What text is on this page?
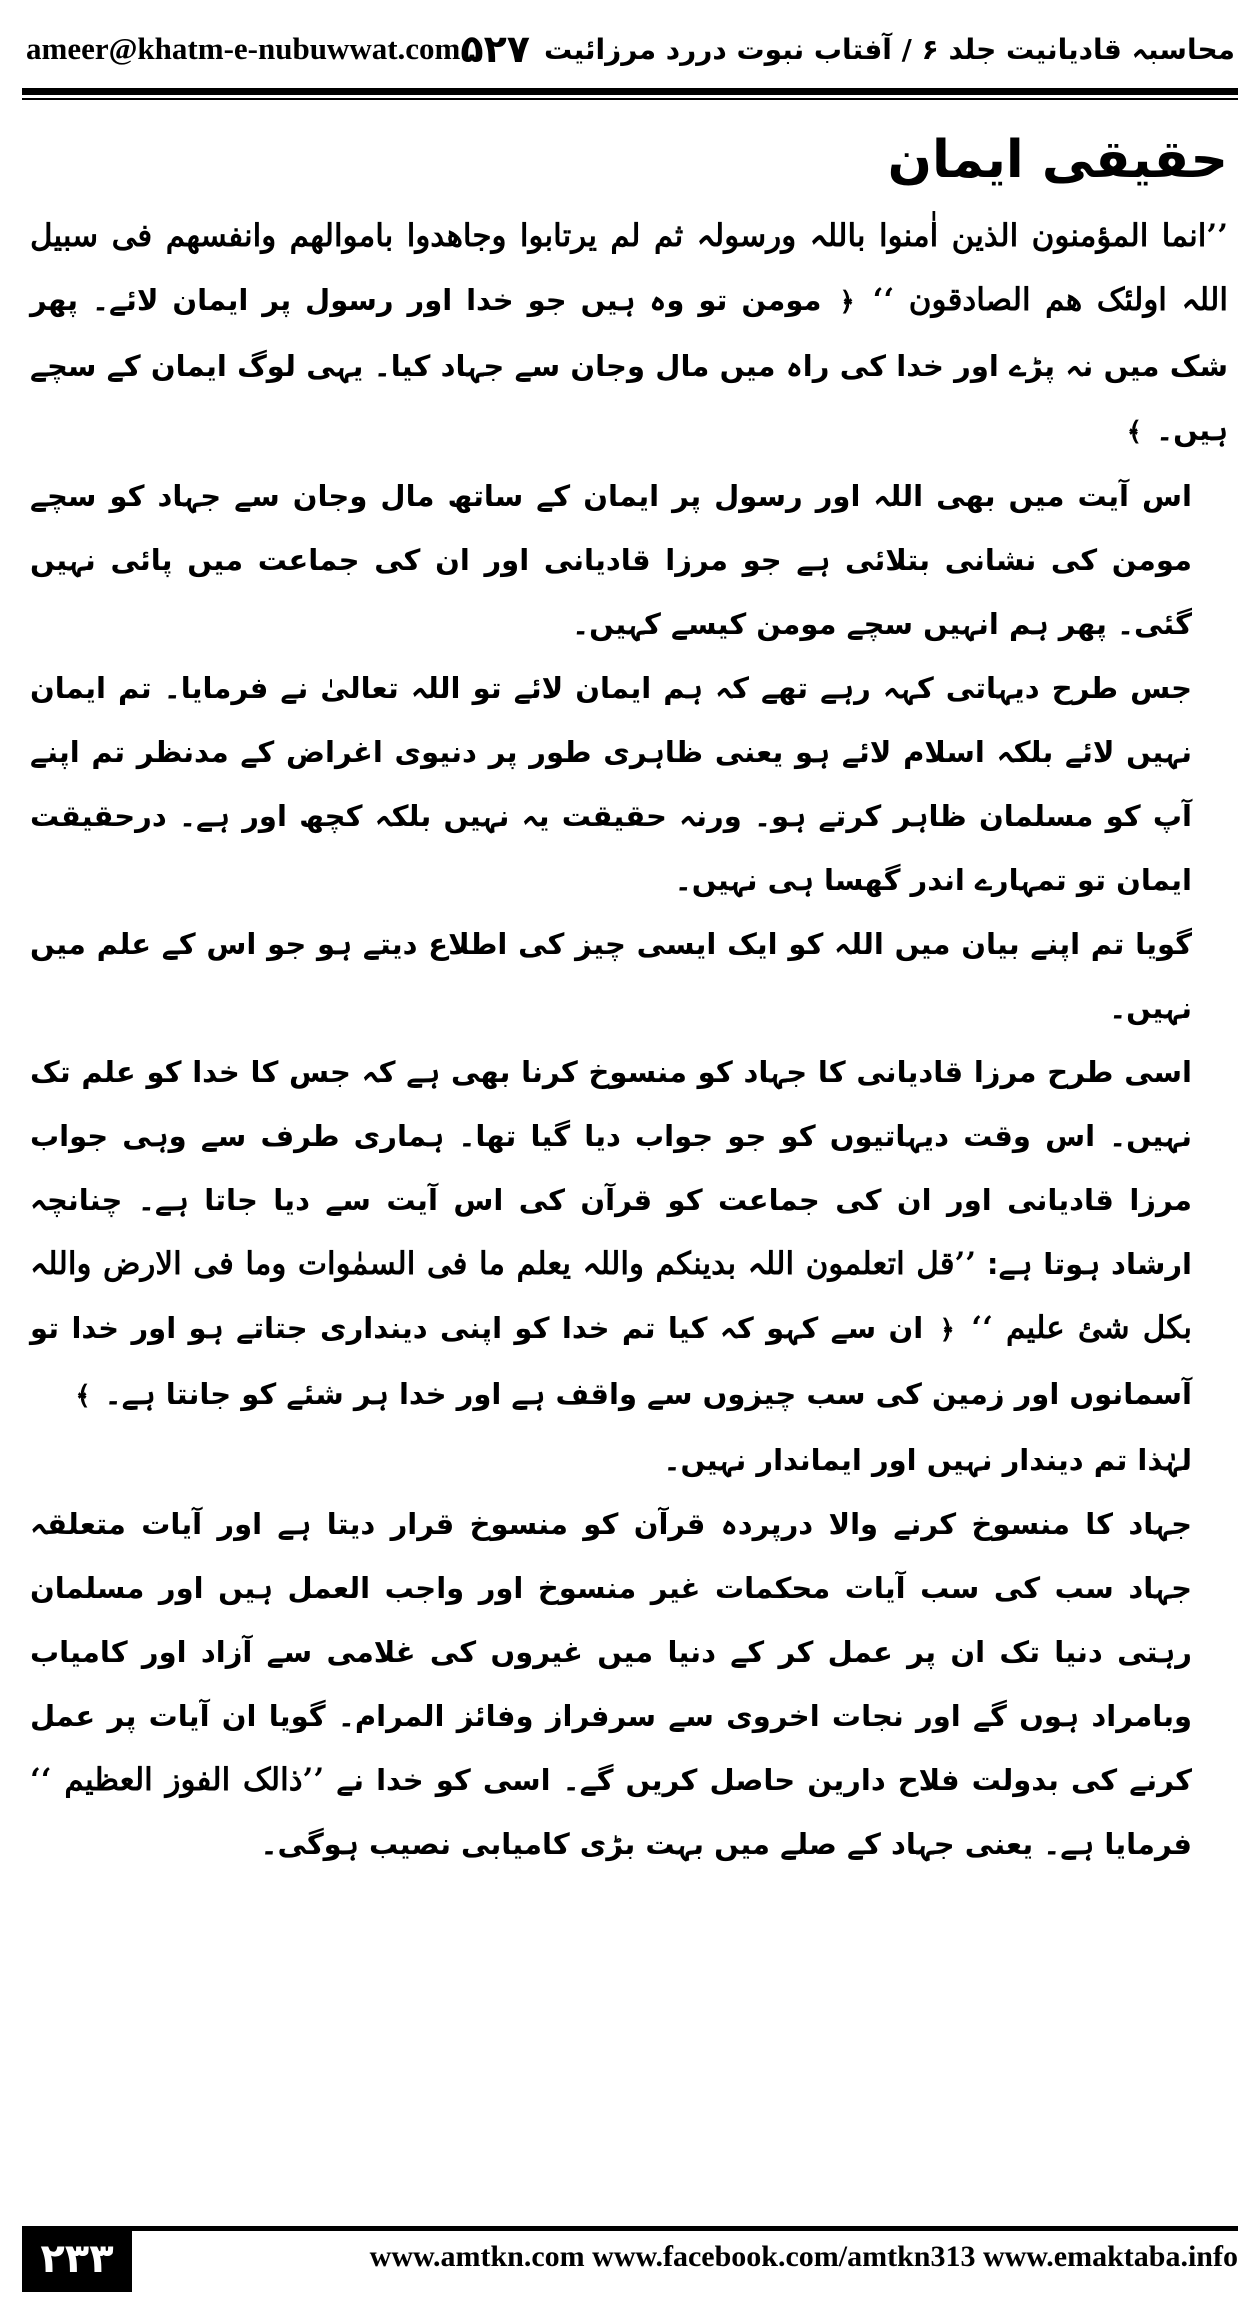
ameer@khatm-e-nubuwwat.com	محاسبہ قادیانیت جلد ۶ / آفتاب نبوت دررد مرزائیت
۵۲۷
حقیقی ایمان

’’انما المؤمنون الذین اٰمنوا باللہ ورسولہ ثم لم یرتابوا وجاھدوا باموالھم وانفسھم فی سبیل اللہ اولئک ھم الصادقون ‘‘ ﴿ مومن تو وہ ہیں جو خدا اور رسول پر ایمان لائے۔ پھر شک میں نہ پڑے اور خدا کی راہ میں مال وجان سے جہاد کیا۔ یہی لوگ ایمان کے سچے ہیں۔ ﴾

اس آیت میں بھی اللہ اور رسول پر ایمان کے ساتھ مال وجان سے جہاد کو سچے مومن کی نشانی بتلائی ہے جو مرزا قادیانی اور ان کی جماعت میں پائی نہیں گئی۔ پھر ہم انہیں سچے مومن کیسے کہیں۔

جس طرح دیہاتی کہہ رہے تھے کہ ہم ایمان لائے تو اللہ تعالیٰ نے فرمایا۔ تم ایمان نہیں لائے بلکہ اسلام لائے ہو یعنی ظاہری طور پر دنیوی اغراض کے مدنظر تم اپنے آپ کو مسلمان ظاہر کرتے ہو۔ ورنہ حقیقت یہ نہیں بلکہ کچھ اور ہے۔ درحقیقت ایمان تو تمہارے اندر گھسا ہی نہیں۔

گویا تم اپنے بیان میں اللہ کو ایک ایسی چیز کی اطلاع دیتے ہو جو اس کے علم میں نہیں۔

اسی طرح مرزا قادیانی کا جہاد کو منسوخ کرنا بھی ہے کہ جس کا خدا کو علم تک نہیں۔ اس وقت دیہاتیوں کو جو جواب دیا گیا تھا۔ ہماری طرف سے وہی جواب مرزا قادیانی اور ان کی جماعت کو قرآن کی اس آیت سے دیا جاتا ہے۔ چنانچہ ارشاد ہوتا ہے: ’’قل اتعلمون اللہ بدینکم واللہ یعلم ما فی السمٰوات وما فی الارض واللہ بکل شئ علیم ‘‘ ﴿ ان سے کہو کہ کیا تم خدا کو اپنی دینداری جتاتے ہو اور خدا تو آسمانوں اور زمین کی سب چیزوں سے واقف ہے اور خدا ہر شئے کو جانتا ہے۔ ﴾

لہٰذا تم دیندار نہیں اور ایماندار نہیں۔

جہاد کا منسوخ کرنے والا درپردہ قرآن کو منسوخ قرار دیتا ہے اور آیات متعلقہ جہاد سب کی سب آیات محکمات غیر منسوخ اور واجب العمل ہیں اور مسلمان رہتی دنیا تک ان پر عمل کر کے دنیا میں غیروں کی غلامی سے آزاد اور کامیاب وبامراد ہوں گے اور نجات اخروی سے سرفراز وفائز المرام۔ گویا ان آیات پر عمل کرنے کی بدولت فلاح دارین حاصل کریں گے۔ اسی کو خدا نے ’’ذالک الفوز العظیم ‘‘ فرمایا ہے۔ یعنی جہاد کے صلے میں بہت بڑی کامیابی نصیب ہوگی۔

۲۳۳	www.amtkn.com www.facebook.com/amtkn313 www.emaktaba.info
